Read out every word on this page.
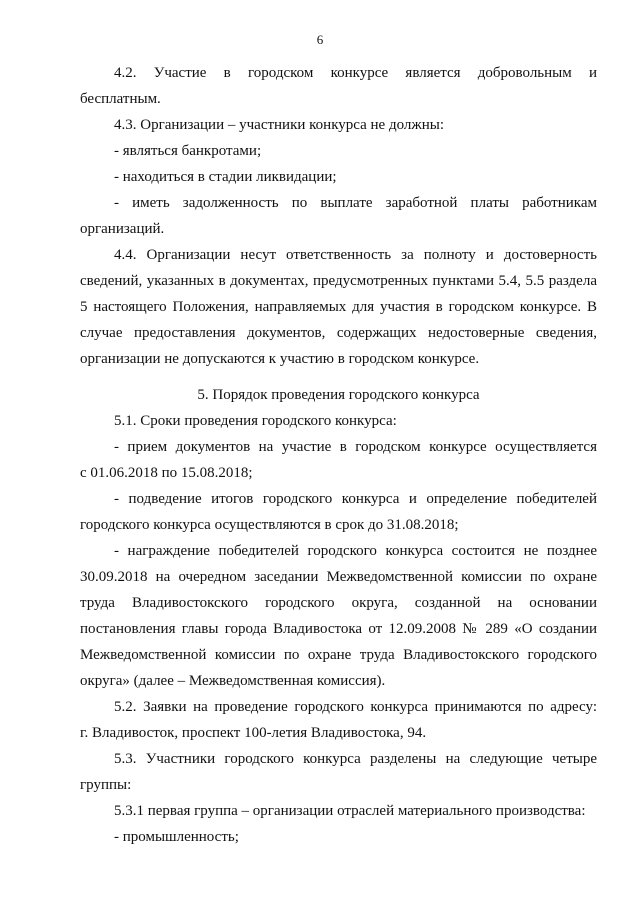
6
4.2. Участие в городском конкурсе является добровольным и
бесплатным.
4.3. Организации – участники конкурса не должны:
- являться банкротами;
- находиться в стадии ликвидации;
- иметь задолженность по выплате заработной платы работникам
организаций.
4.4. Организации несут ответственность за полноту и достоверность
сведений, указанных в документах, предусмотренных пунктами 5.4, 5.5 раздела
5 настоящего Положения, направляемых для участия в городском конкурсе. В
случае предоставления документов, содержащих недостоверные сведения,
организации не допускаются к участию в городском конкурсе.
5. Порядок проведения городского конкурса
5.1. Сроки проведения городского конкурса:
- прием документов на участие в городском конкурсе осуществляется
с 01.06.2018 по 15.08.2018;
- подведение итогов городского конкурса и определение победителей
городского конкурса осуществляются в срок до 31.08.2018;
- награждение победителей городского конкурса состоится не позднее
30.09.2018 на очередном заседании Межведомственной комиссии по охране
труда Владивостокского городского округа, созданной на основании
постановления главы города Владивостока от 12.09.2008 № 289 «О создании
Межведомственной комиссии по охране труда Владивостокского городского
округа» (далее – Межведомственная комиссия).
5.2. Заявки на проведение городского конкурса принимаются по адресу:
г. Владивосток, проспект 100-летия Владивостока, 94.
5.3. Участники городского конкурса разделены на следующие четыре
группы:
5.3.1 первая группа – организации отраслей материального производства:
- промышленность;
